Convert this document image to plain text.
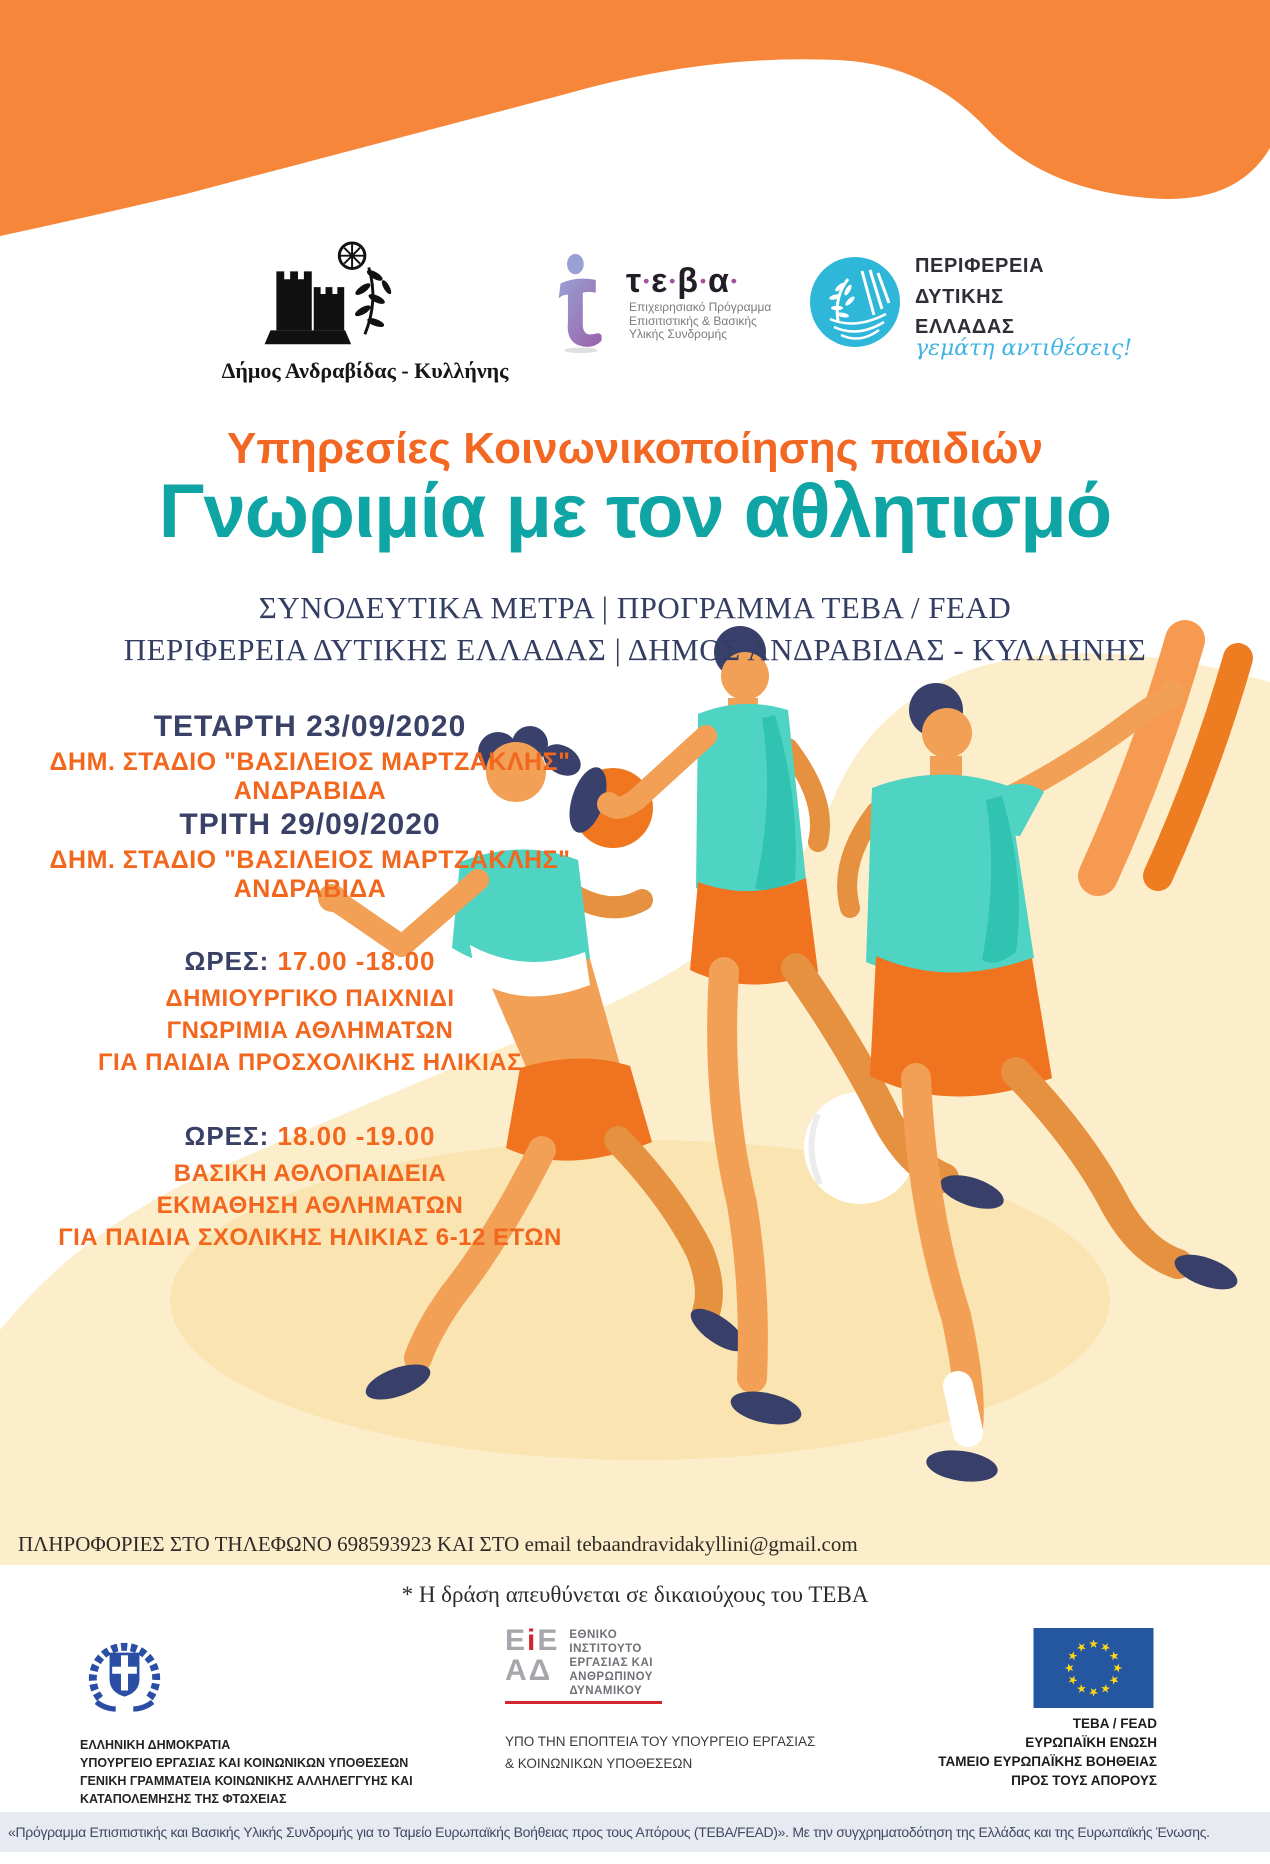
Δήμος Ανδραβίδας - Κυλλήνης
τ•ε•β•α•
Επιχειρησιακό Πρόγραμμα
Επισιτιστικής & Βασικής
Υλικής Συνδρομής
ΠΕΡΙΦΕΡΕΙΑ
ΔΥΤΙΚΗΣ
ΕΛΛΑΔΑΣ
γεμάτη αντιθέσεις!
Υπηρεσίες Κοινωνικοποίησης παιδιών
Γνωριμία με τον αθλητισμό
ΣΥΝΟΔΕΥΤΙΚΑ ΜΕΤΡΑ | ΠΡΟΓΡΑΜΜΑ ΤΕΒΑ / FEAD
ΠΕΡΙΦΕΡΕΙΑ ΔΥΤΙΚΗΣ ΕΛΛΑΔΑΣ | ΔΗΜΟΣ ΑΝΔΡΑΒΙΔΑΣ - ΚΥΛΛΗΝΗΣ
ΤΕΤΑΡΤΗ 23/09/2020
ΔΗΜ. ΣΤΑΔΙΟ "ΒΑΣΙΛΕΙΟΣ ΜΑΡΤΖΑΚΛΗΣ" ΑΝΔΡΑΒΙΔΑ
ΤΡΙΤΗ 29/09/2020
ΔΗΜ. ΣΤΑΔΙΟ "ΒΑΣΙΛΕΙΟΣ ΜΑΡΤΖΑΚΛΗΣ" ΑΝΔΡΑΒΙΔΑ
ΩΡΕΣ: 17.00 -18.00
ΔΗΜΙΟΥΡΓΙΚΟ ΠΑΙΧΝΙΔΙ
ΓΝΩΡΙΜΙΑ ΑΘΛΗΜΑΤΩΝ
ΓΙΑ ΠΑΙΔΙΑ ΠΡΟΣΧΟΛΙΚΗΣ ΗΛΙΚΙΑΣ
ΩΡΕΣ: 18.00 -19.00
ΒΑΣΙΚΗ ΑΘΛΟΠΑΙΔΕΙΑ
ΕΚΜΑΘΗΣΗ ΑΘΛΗΜΑΤΩΝ
ΓΙΑ ΠΑΙΔΙΑ ΣΧΟΛΙΚΗΣ ΗΛΙΚΙΑΣ 6-12 ΕΤΩΝ
ΠΛΗΡΟΦΟΡΙΕΣ ΣΤΟ ΤΗΛΕΦΩΝΟ 698593923 ΚΑΙ ΣΤΟ email tebaandravidakyllini@gmail.com
* Η δράση απευθύνεται σε δικαιούχους του ΤΕΒΑ
ΕΛΛΗΝΙΚΗ ΔΗΜΟΚΡΑΤΙΑ
ΥΠΟΥΡΓΕΙΟ ΕΡΓΑΣΙΑΣ ΚΑΙ ΚΟΙΝΩΝΙΚΩΝ ΥΠΟΘΕΣΕΩΝ
ΓΕΝΙΚΗ ΓΡΑΜΜΑΤΕΙΑ ΚΟΙΝΩΝΙΚΗΣ ΑΛΛΗΛΕΓΓΥΗΣ ΚΑΙ
ΚΑΤΑΠΟΛΕΜΗΣΗΣ ΤΗΣ ΦΤΩΧΕΙΑΣ
ΕiΕ
ΑΔ
ΕΘΝΙΚΟ
ΙΝΣΤΙΤΟΥΤΟ
ΕΡΓΑΣΙΑΣ ΚΑΙ
ΑΝΘΡΩΠΙΝΟΥ
ΔΥΝΑΜΙΚΟΥ
ΥΠΟ ΤΗΝ ΕΠΟΠΤΕΙΑ ΤΟΥ ΥΠΟΥΡΓΕΙΟ ΕΡΓΑΣΙΑΣ
& ΚΟΙΝΩΝΙΚΩΝ ΥΠΟΘΕΣΕΩΝ
TEBA / FEAD
ΕΥΡΩΠΑΪΚΗ ΕΝΩΣΗ
ΤΑΜΕΙΟ ΕΥΡΩΠΑΪΚΗΣ ΒΟΗΘΕΙΑΣ
ΠΡΟΣ ΤΟΥΣ ΑΠΟΡΟΥΣ
«Πρόγραμμα Επισιτιστικής και Βασικής Υλικής Συνδρομής για το Ταμείο Ευρωπαϊκής Βοήθειας προς τους Απόρους (ΤΕΒΑ/FEAD)». Με την συγχρηματοδότηση της Ελλάδας και της Ευρωπαϊκής Ένωσης.
